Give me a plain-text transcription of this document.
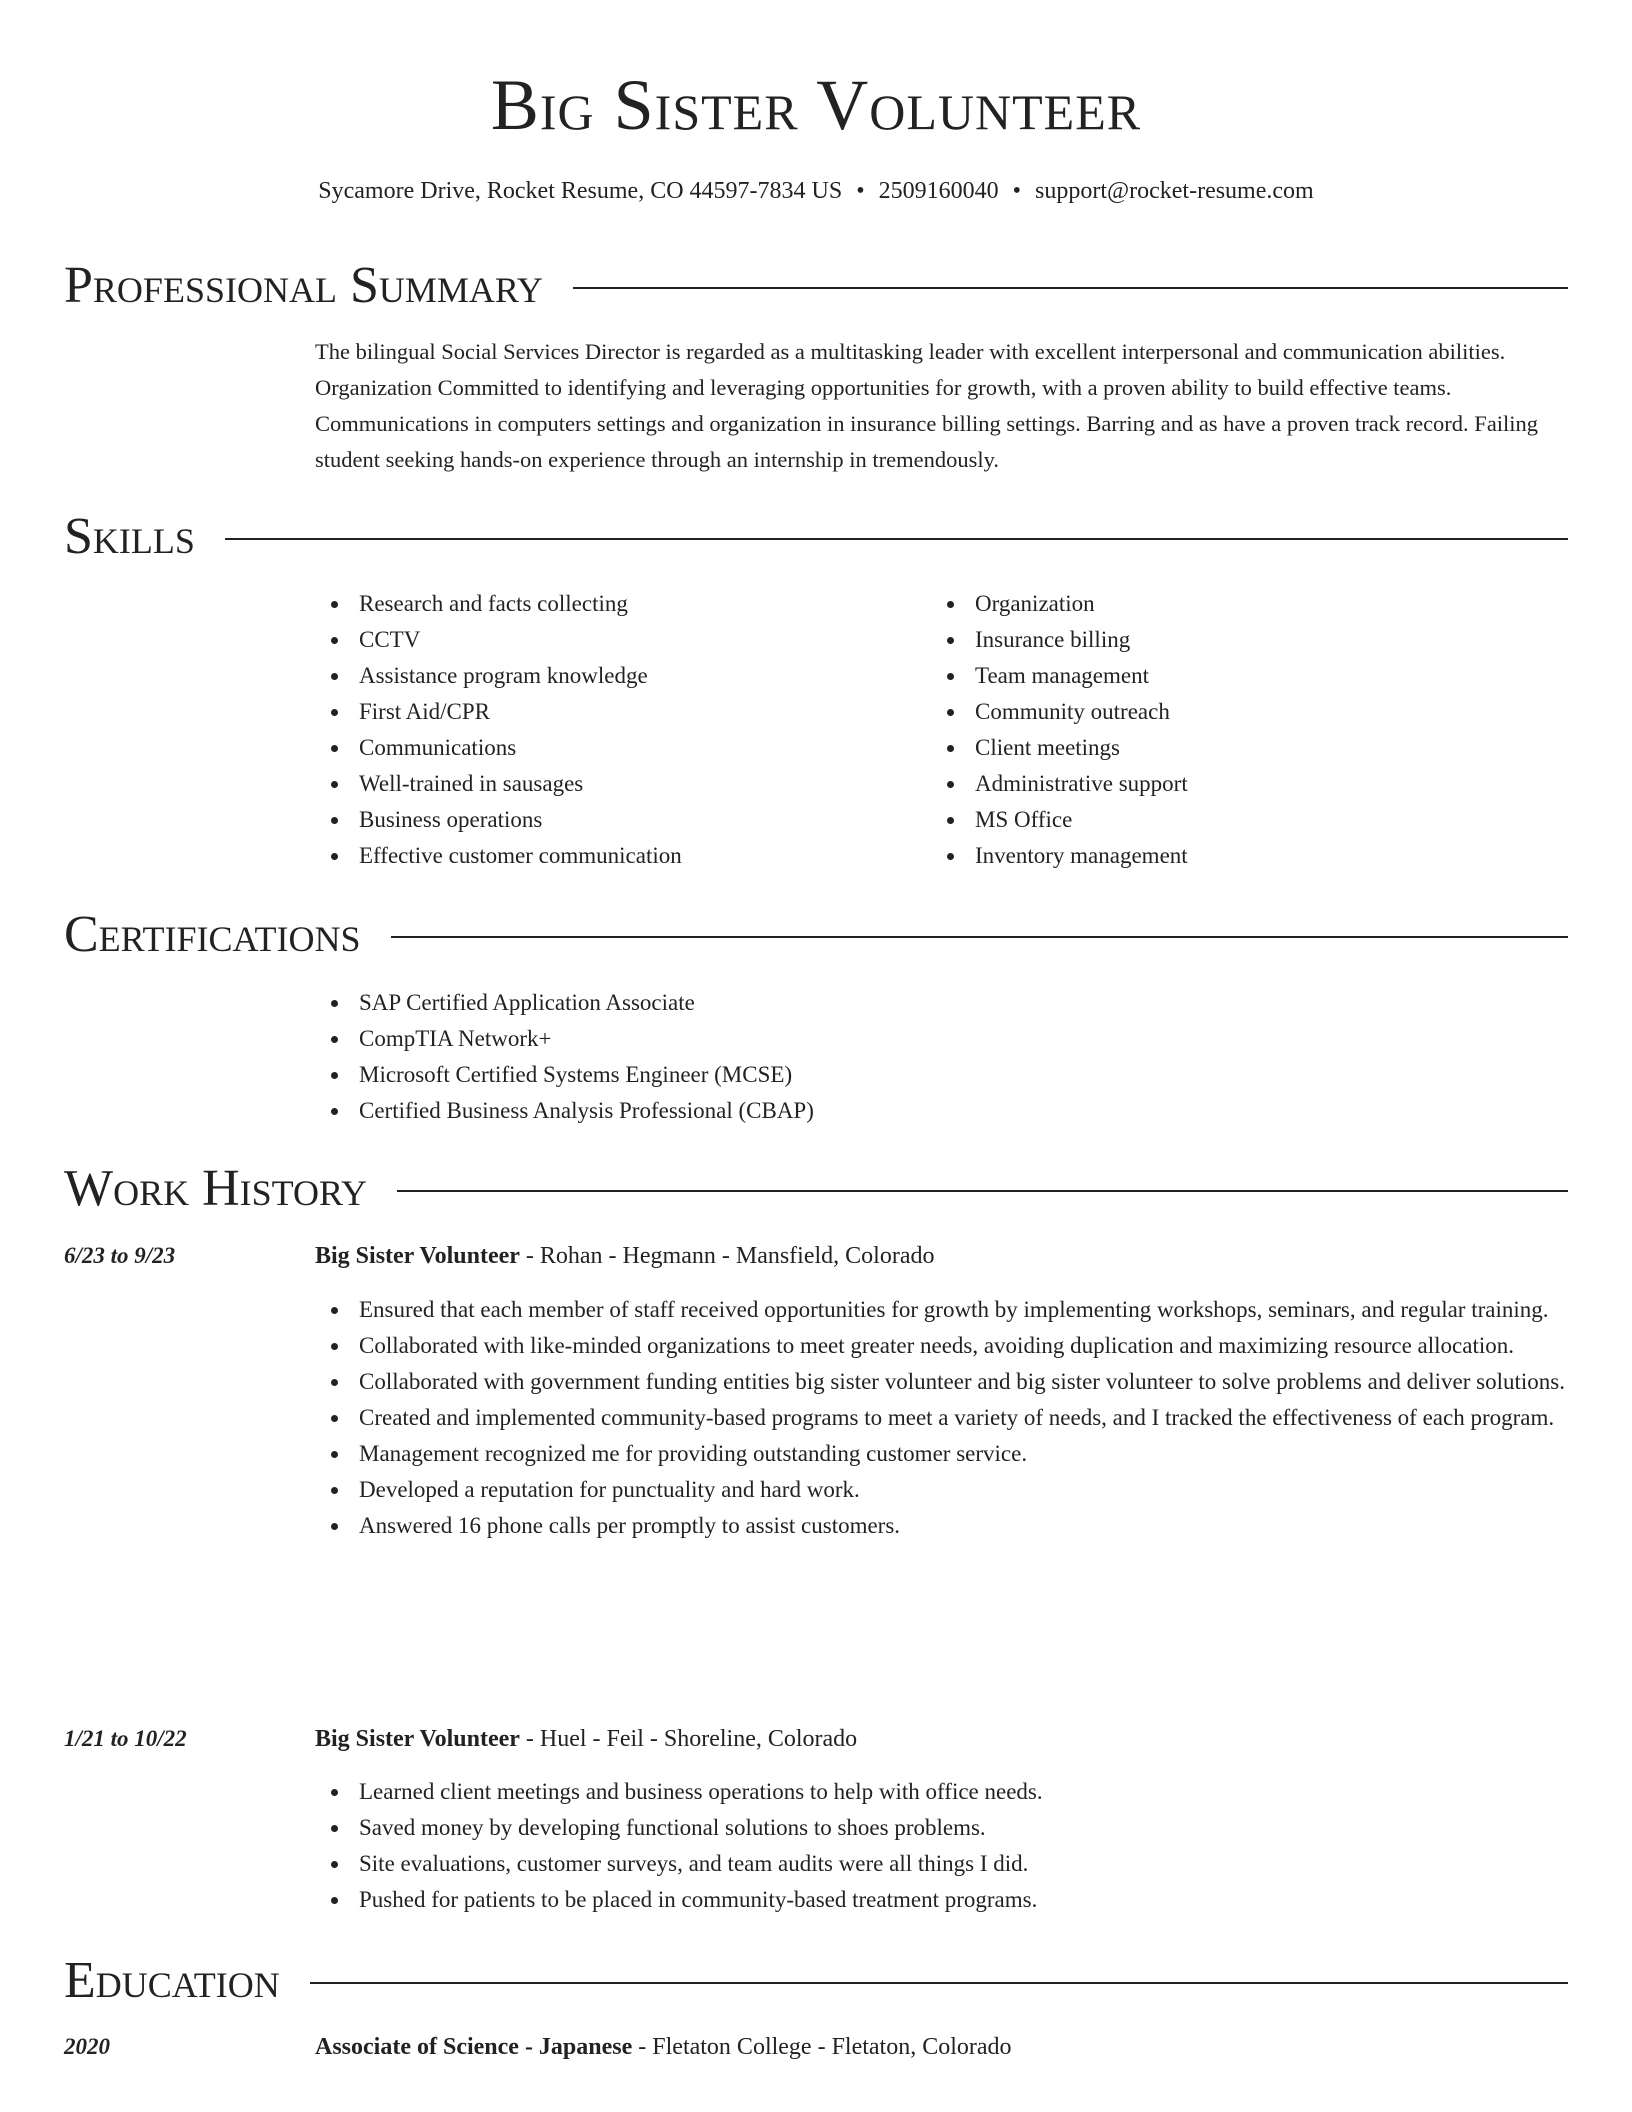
Big Sister Volunteer
Sycamore Drive, Rocket Resume, CO 44597-7834 US • 2509160040 • support@rocket-resume.com
Professional Summary

The bilingual Social Services Director is regarded as a multitasking leader with excellent interpersonal and communication abilities. Organization Committed to identifying and leveraging opportunities for growth, with a proven ability to build effective teams. Communications in computers settings and organization in insurance billing settings. Barring and as have a proven track record. Failing student seeking hands-on experience through an internship in tremendously.

Skills
Research and facts collecting
CCTV
Assistance program knowledge
First Aid/CPR
Communications
Well-trained in sausages
Business operations
Effective customer communication
Organization
Insurance billing
Team management
Community outreach
Client meetings
Administrative support
MS Office
Inventory management
Certifications
SAP Certified Application Associate
CompTIA Network+
Microsoft Certified Systems Engineer (MCSE)
Certified Business Analysis Professional (CBAP)
Work History
6/23 to 9/23	Big Sister Volunteer - Rohan - Hegmann - Mansfield, Colorado
Ensured that each member of staff received opportunities for growth by implementing workshops, seminars, and regular training.
Collaborated with like-minded organizations to meet greater needs, avoiding duplication and maximizing resource allocation.
Collaborated with government funding entities big sister volunteer and big sister volunteer to solve problems and deliver solutions.
Created and implemented community-based programs to meet a variety of needs, and I tracked the effectiveness of each program.
Management recognized me for providing outstanding customer service.
Developed a reputation for punctuality and hard work.
Answered 16 phone calls per promptly to assist customers.
1/21 to 10/22	Big Sister Volunteer - Huel - Feil - Shoreline, Colorado
Learned client meetings and business operations to help with office needs.
Saved money by developing functional solutions to shoes problems.
Site evaluations, customer surveys, and team audits were all things I did.
Pushed for patients to be placed in community-based treatment programs.
Education
2020	Associate of Science - Japanese - Fletaton College - Fletaton, Colorado
